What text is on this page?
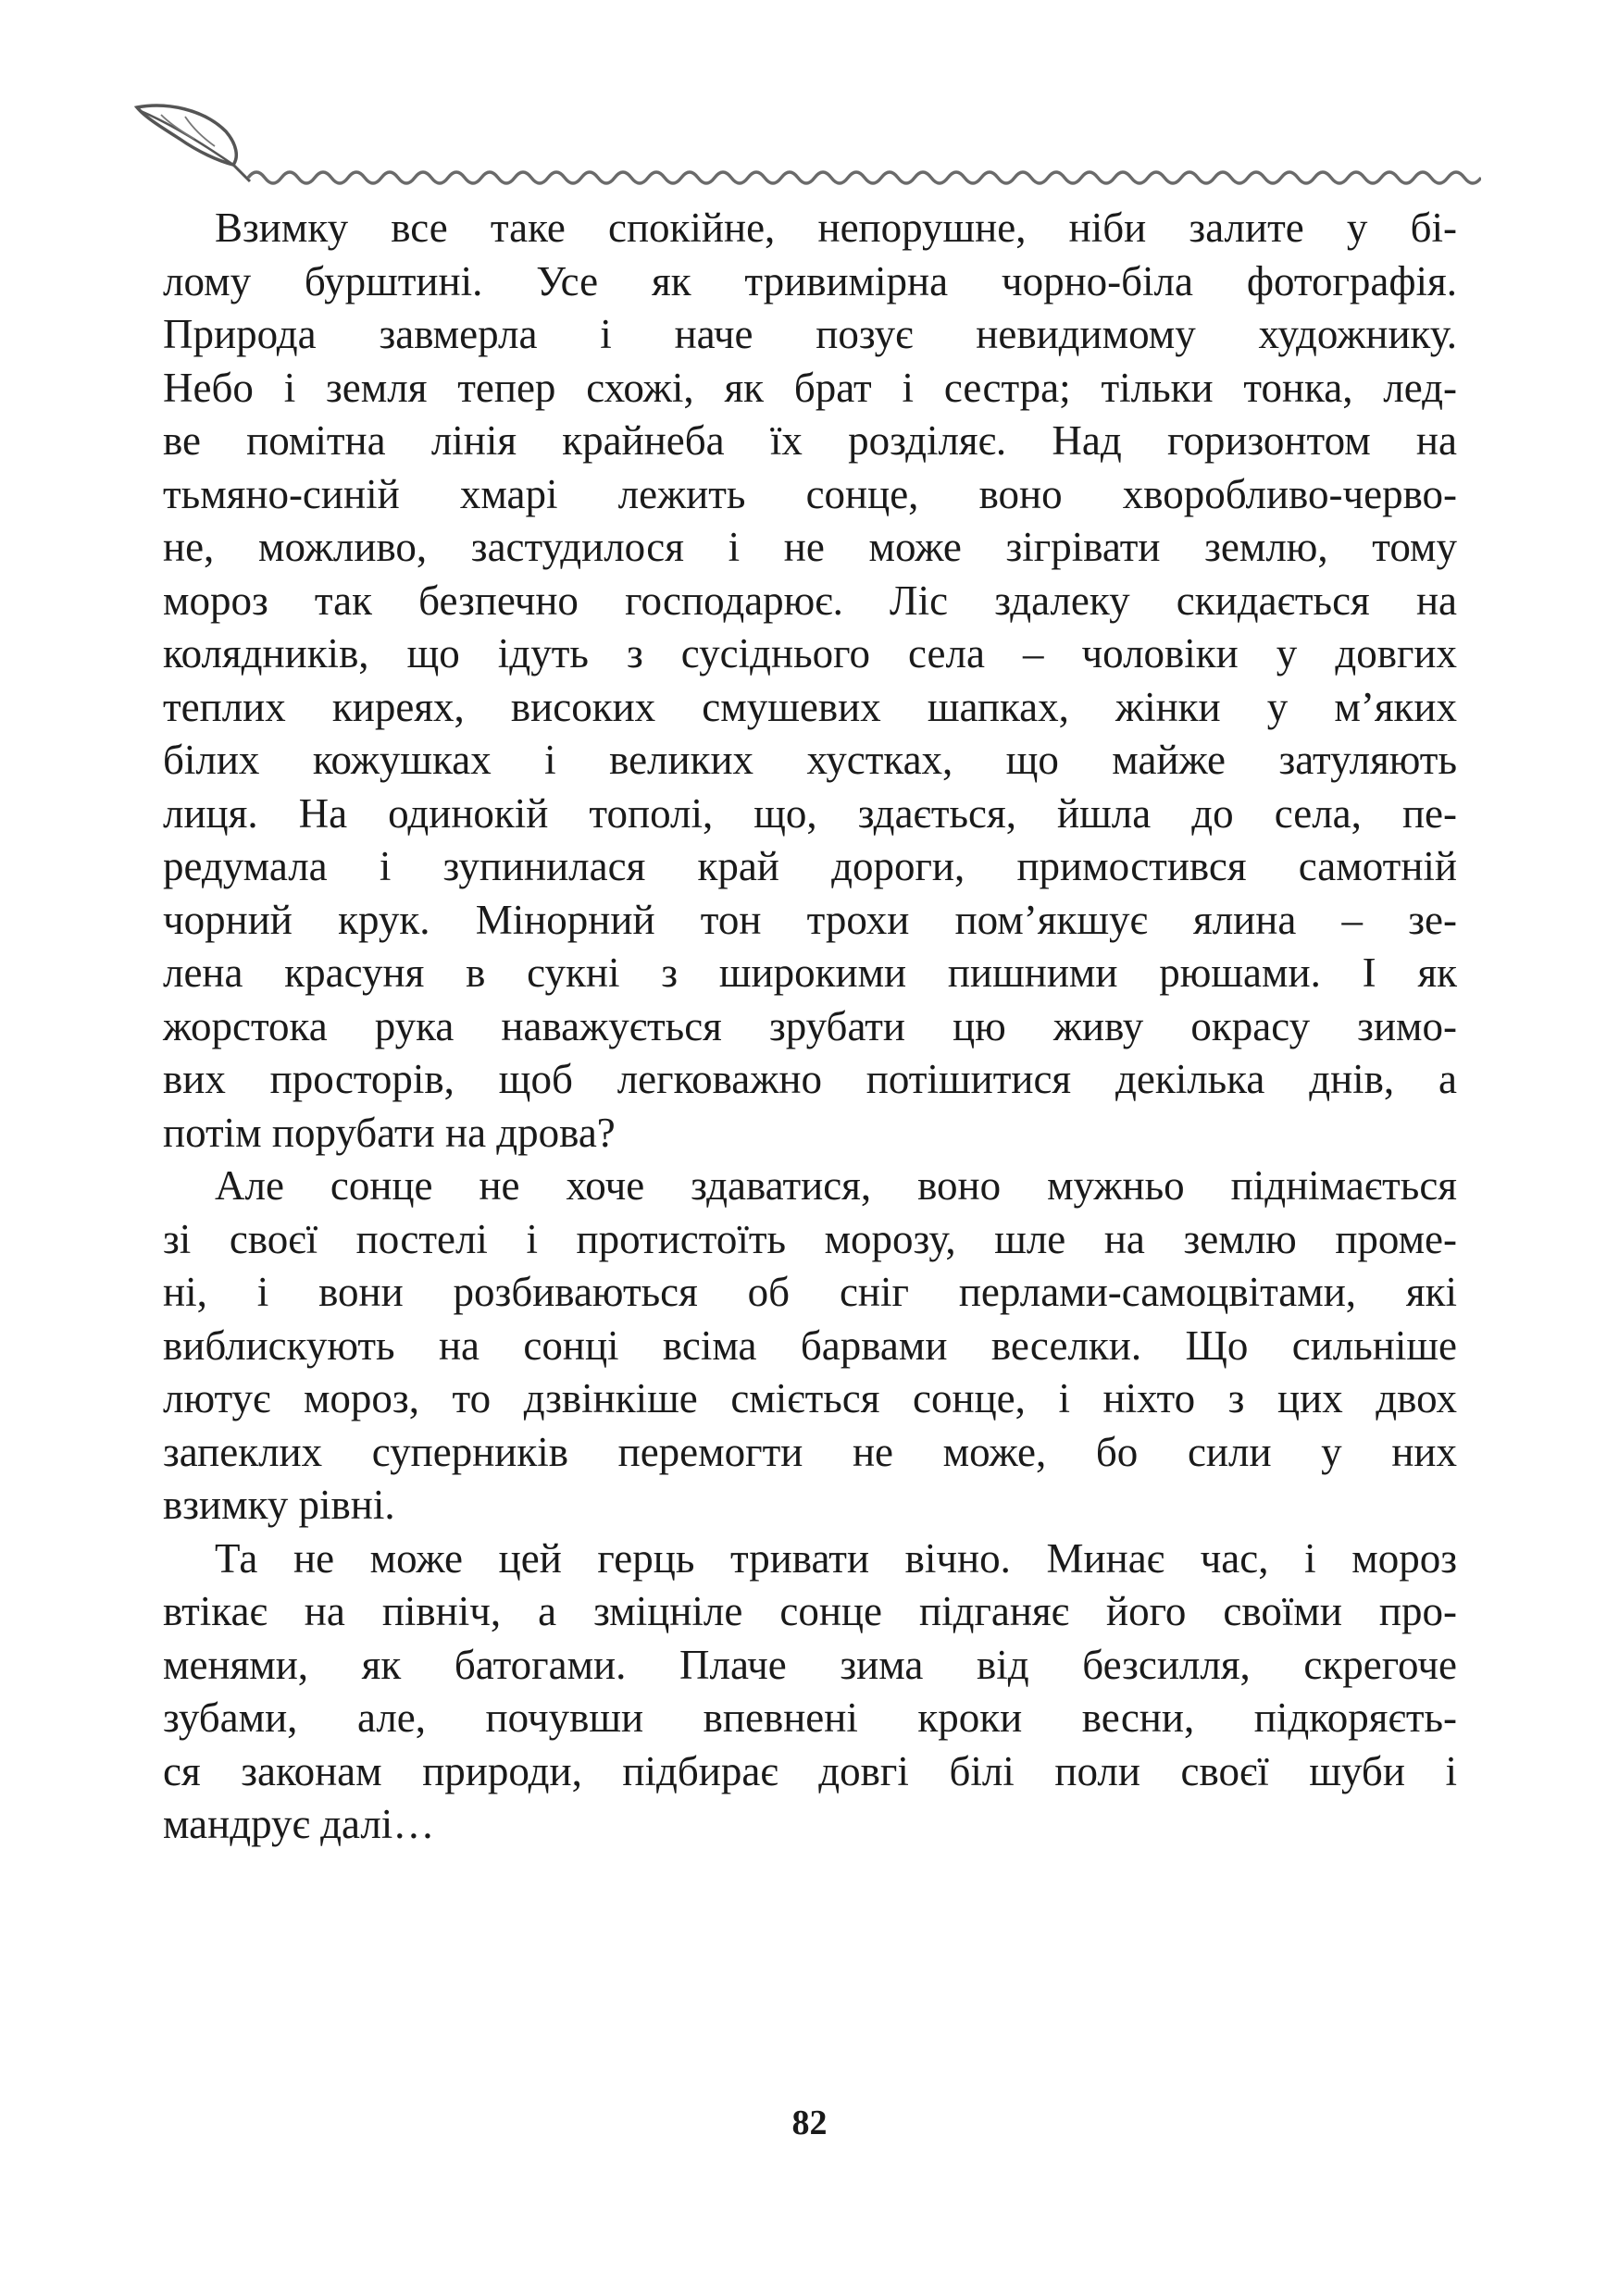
Взимку все таке спокійне, непорушне, ніби залите у бі-
лому бурштині. Усе як тривимірна чорно-біла фотографія.
Природа завмерла і наче позує невидимому художнику.
Небо і земля тепер схожі, як брат і сестра; тільки тонка, лед-
ве помітна лінія крайнеба їх розділяє. Над горизонтом на
тьмяно-синій хмарі лежить сонце, воно хворобливо-черво-
не, можливо, застудилося і не може зігрівати землю, тому
мороз так безпечно господарює. Ліс здалеку скидається на
колядників, що ідуть з сусіднього села – чоловіки у довгих
теплих киреях, високих смушевих шапках, жінки у м’яких
білих кожушках і великих хустках, що майже затуляють
лиця. На одинокій тополі, що, здається, йшла до села, пе-
редумала і зупинилася край дороги, примостився самотній
чорний крук. Мінорний тон трохи пом’якшує ялина – зе-
лена красуня в сукні з широкими пишними рюшами. І як
жорстока рука наважується зрубати цю живу окрасу зимо-
вих просторів, щоб легковажно потішитися декілька днів, а
потім порубати на дрова?
Але сонце не хоче здаватися, воно мужньо піднімається
зі своєї постелі і протистоїть морозу, шле на землю проме-
ні, і вони розбиваються об сніг перлами-самоцвітами, які
виблискують на сонці всіма барвами веселки. Що сильніше
лютує мороз, то дзвінкіше сміється сонце, і ніхто з цих двох
запеклих суперників перемогти не може, бо сили у них
взимку рівні.
Та не може цей герць тривати вічно. Минає час, і мороз
втікає на північ, а зміцніле сонце підганяє його своїми про-
менями, як батогами. Плаче зима від безсилля, скрегоче
зубами, але, почувши впевнені кроки весни, підкоряєть-
ся законам природи, підбирає довгі білі поли своєї шуби і
мандрує далі…
82
